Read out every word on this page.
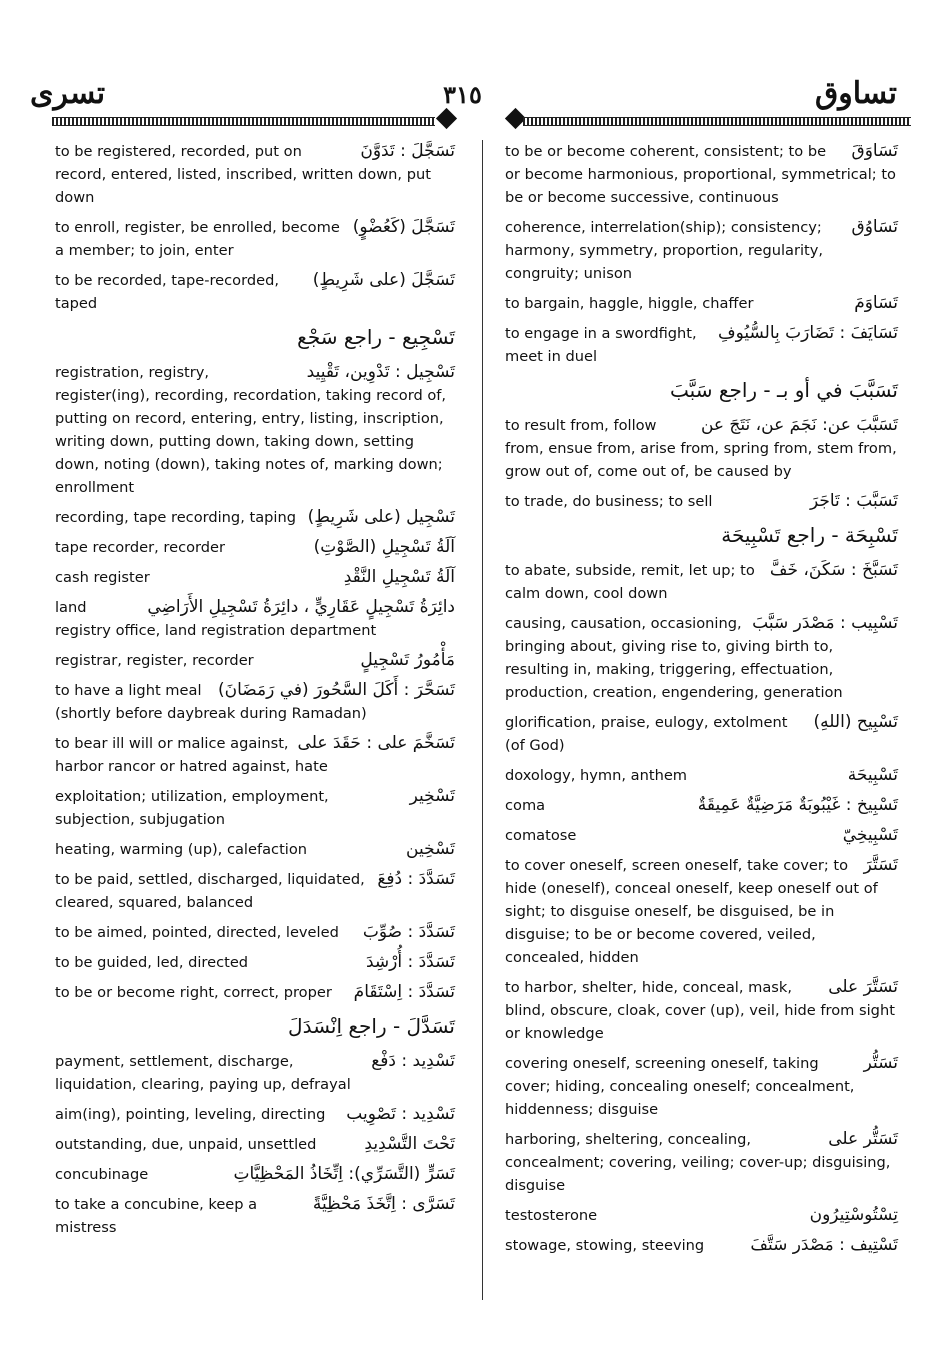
تساوق
٣١٥
تسرى
تَسَجَّلَ : تَدَوَّنَ
to be registered, recorded, put on record, entered, listed, inscribed, written down, put down
تَسَجَّلَ (كَعُضْوٍ)
to enroll, register, be enrolled, become a member; to join, enter
تَسَجَّلَ (على شَرِيطٍ)
to be recorded, tape-recorded, taped
تَسْجِيع - راجع سَجْع
تَسْجِيل : تَدْوِين، تَقْيِيد
registration, registry, register(ing), recording, recordation, taking record of, putting on record, entering, entry, listing, inscription, writing down, putting down, taking down, setting down, noting (down), taking notes of, marking down; enrollment
تَسْجِيل (على شَرِيطٍ)
recording, tape recording, taping
آلَةُ تَسْجِيلِ (الصَّوْتِ)
tape recorder, recorder
آلَةُ تَسْجِيلِ النَّقْدِ
cash register
دائِرَةُ تَسْجِيلٍ عَقَارِيٍّ ، دائِرَةُ تَسْجِيلِ الأَرَاضِي
land registry office, land registration department
مَأْمُورُ تَسْجِيلٍ
registrar, register, recorder
تَسَحَّرَ : أَكَلَ السَّحُورَ (في رَمَضَانَ)
to have a light meal (shortly before daybreak during Ramadan)
تَسَخَّمَ على : حَقَدَ على
to bear ill will or malice against, harbor rancor or hatred against, hate
تَسْخِير
exploitation; utilization, employment, subjection, subjugation
تَسْخِين
heating, warming (up), calefaction
تَسَدَّدَ : دُفِعَ
to be paid, settled, discharged, liquidated, cleared, squared, balanced
تَسَدَّدَ : صُوِّبَ
to be aimed, pointed, directed, leveled
تَسَدَّدَ : أُرْشِدَ
to be guided, led, directed
تَسَدَّدَ : اِسْتَقَامَ
to be or become right, correct, proper
تَسَدَّلَ - راجع اِنْسَدَلَ
تَسْدِيد : دَفْع
payment, settlement, discharge, liquidation, clearing, paying up, defrayal
تَسْدِيد : تَصْوِيب
aim(ing), pointing, leveling, directing
تَحْتَ التَّسْدِيدِ
outstanding, due, unpaid, unsettled
تَسَرٍّ (التَّسَرِّي): اِتِّخَاذُ المَحْظِيَّاتِ
concubinage
تَسَرَّى : اِتَّخَذَ مَحْظِيَّةً
to take a concubine, keep a mistress
تَسَاوَقَ
to be or become coherent, consistent; to be or become harmonious, proportional, symmetrical; to be or become successive, continuous
تَسَاوُق
coherence, interrelation(ship); consistency; harmony, symmetry, proportion, regularity, congruity; unison
تَسَاوَمَ
to bargain, haggle, higgle, chaffer
تَسَايَفَ : تَضَارَبَ بِالسُّيُوفِ
to engage in a swordfight, meet in duel
تَسَبَّبَ في أو بـ - راجع سَبَّبَ
تَسَبَّبَ عن: نَجَمَ عن، نَتَجَ عن
to result from, follow from, ensue from, arise from, spring from, stem from, grow out of, come out of, be caused by
تَسَبَّبَ : تَاجَرَ
to trade, do business; to sell
تَسْبِحَة - راجع تَسْبِيحَة
تَسَبَّخَ : سَكَنَ، خَفَّ
to abate, subside, remit, let up; to calm down, cool down
تَسْبِيب : مَصْدَر سَبَّبَ
causing, causation, occasioning, bringing about, giving rise to, giving birth to, resulting in, making, triggering, effectuation, production, creation, engendering, generation
تَسْبِيح (اللهِ)
glorification, praise, eulogy, extolment (of God)
تَسْبِيحَة
doxology, hymn, anthem
تَسْبِيخ : غَيْبُوبَةٌ مَرَضِيَّةٌ عَمِيقَةٌ
coma
تَسْبِيخِيّ
comatose
تَسَتَّرَ
to cover oneself, screen oneself, take cover; to hide (oneself), conceal oneself, keep oneself out of sight; to disguise oneself, be disguised, be in disguise; to be or become covered, veiled, concealed, hidden
تَسَتَّرَ على
to harbor, shelter, hide, conceal, mask, blind, obscure, cloak, cover (up), veil, hide from sight or knowledge
تَسَتُّر
covering oneself, screening oneself, taking cover; hiding, concealing oneself; concealment, hiddenness; disguise
تَسَتُّر على
harboring, sheltering, concealing, concealment; covering, veiling; cover-up; disguising, disguise
تِسْتُوسْتِيرُون
testosterone
تَسْتِيف : مَصْدَر سَتَّفَ
stowage, stowing, steeving
